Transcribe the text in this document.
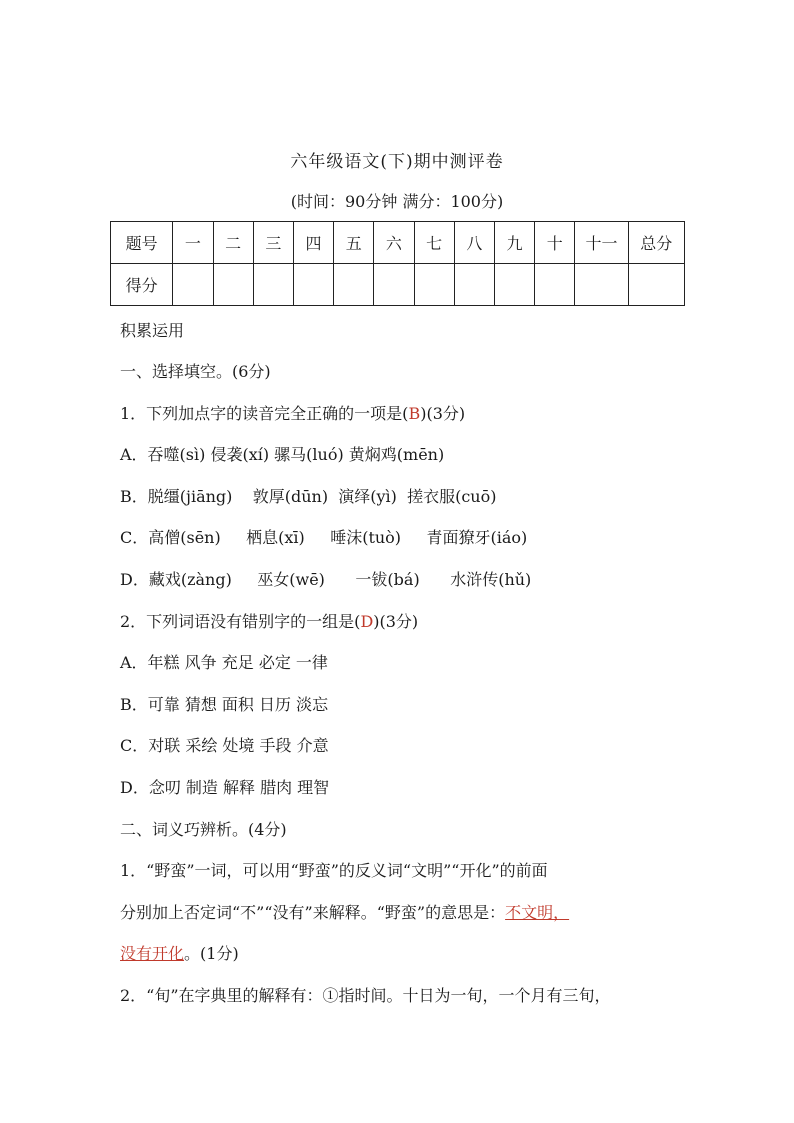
六年级语文(下)期中测评卷
(时间：90分钟 满分：100分)
题号	一	二	三	四	五	六	七	八	九	十	十一	总分
得分												
积累运用
一、选择填空。(6分)
1．下列加点字的读音完全正确的一项是(B)(3分)
A．吞噬(sì) 侵袭(xí) 骡马(luó) 黄焖鸡(mēn)
B．脱缰(jiāng)    敦厚(dūn)  演绎(yì)  搓衣服(cuō)
C．高僧(sēn)     栖息(xī)     唾沫(tuò)     青面獠牙(iáo)
D．藏戏(zàng)     巫女(wē)      一钹(bá)      水浒传(hǔ)
2．下列词语没有错别字的一组是(D)(3分)
A．年糕 风争 充足 必定 一律
B．可靠 猜想 面积 日历 淡忘
C．对联 采绘 处境 手段 介意
D．念叨 制造 解释 腊肉 理智
二、词义巧辨析。(4分)
1．“野蛮”一词，可以用“野蛮”的反义词“文明”“开化”的前面
分别加上否定词“不”“没有”来解释。“野蛮”的意思是：不文明，
没有开化。(1分)
2．“旬”在字典里的解释有：①指时间。十日为一旬，一个月有三旬，
